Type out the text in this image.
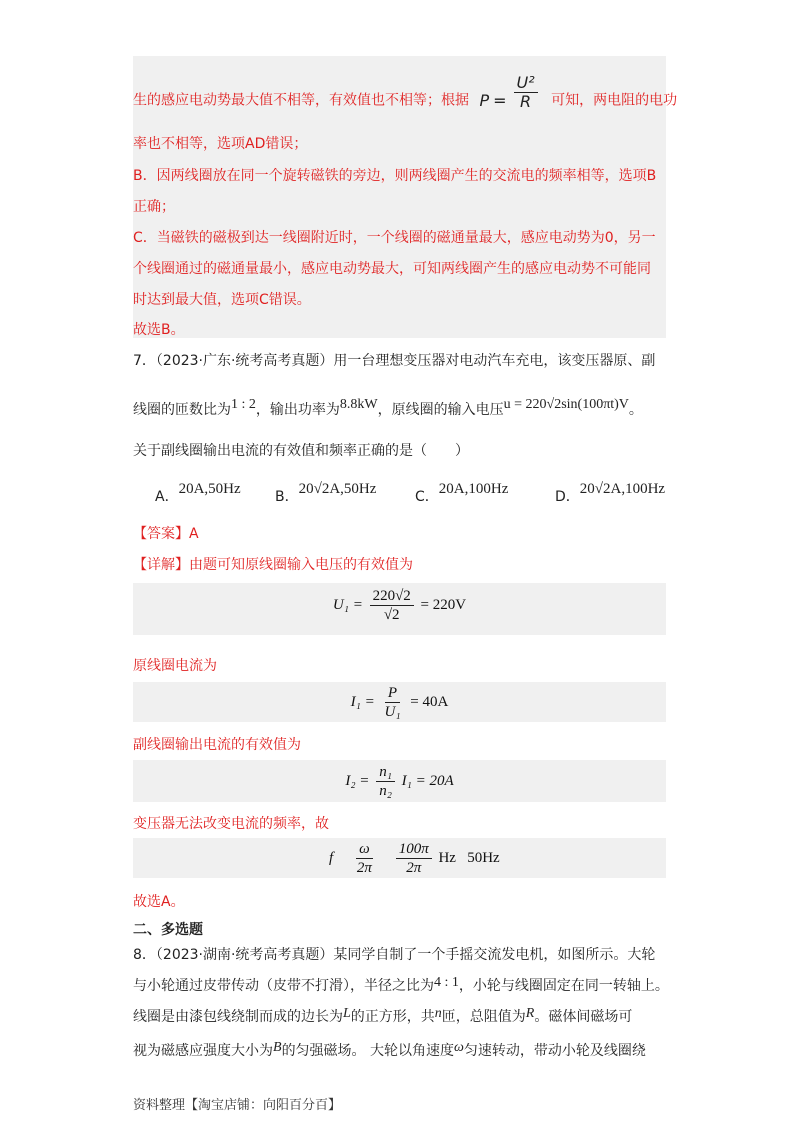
生的感应电动势最大值不相等，有效值也不相等；根据 $P = \frac{\text{U²}}{R}$ 可知，两电阻的电功
率也不相等，选项AD错误；
B．因两线圈放在同一个旋转磁铁的旁边，则两线圈产生的交流电的频率相等，选项B
正确；
C．当磁铁的磁极到达一线圈附近时，一个线圈的磁通量最大，感应电动势为0，另一
个线圈通过的磁通量最小，感应电动势最大，可知两线圈产生的感应电动势不可能同
时达到最大值，选项C错误。
故选B。
7．（2023·广东·统考高考真题）用一台理想变压器对电动汽车充电，该变压器原、副
线圈的匝数比为1 : 2，输出功率为8.8kW，原线圈的输入电压u = 220√2sin(100πt)V。
关于副线圈输出电流的有效值和频率正确的是（　　）
A．20A,50Hz B．20√2A,50Hz	C．20A,100Hz	D．20√2A,100Hz
【答案】A
【详解】由题可知原线圈输入电压的有效值为
$U_1 = \frac{220√2}{√2} = 220V$
原线圈电流为
$I_1 = \frac{P}{\text{U₁}} = 40A$
副线圈输出电流的有效值为
$I_2 = \frac{\text{n₁}}{\text{n₂}} I_1 = 20A$
变压器无法改变电流的频率，故
f $\frac{\omega}{2\pi}$
$\frac{100\pi}{2\pi}$ Hz   50Hz
故选A。
二、多选题
8．（2023·湖南·统考高考真题）某同学自制了一个手摇交流发电机，如图所示。大轮
与小轮通过皮带传动（皮带不打滑），半径之比为4 : 1，小轮与线圈固定在同一转轴上。
线圈是由漆包线绕制而成的边长为L的正方形，共n匝，总阻值为R。磁体间磁场可
视为磁感应强度大小为B的匀强磁场。 大轮以角速度ω匀速转动，带动小轮及线圈绕
资料整理【淘宝店铺：向阳百分百】
